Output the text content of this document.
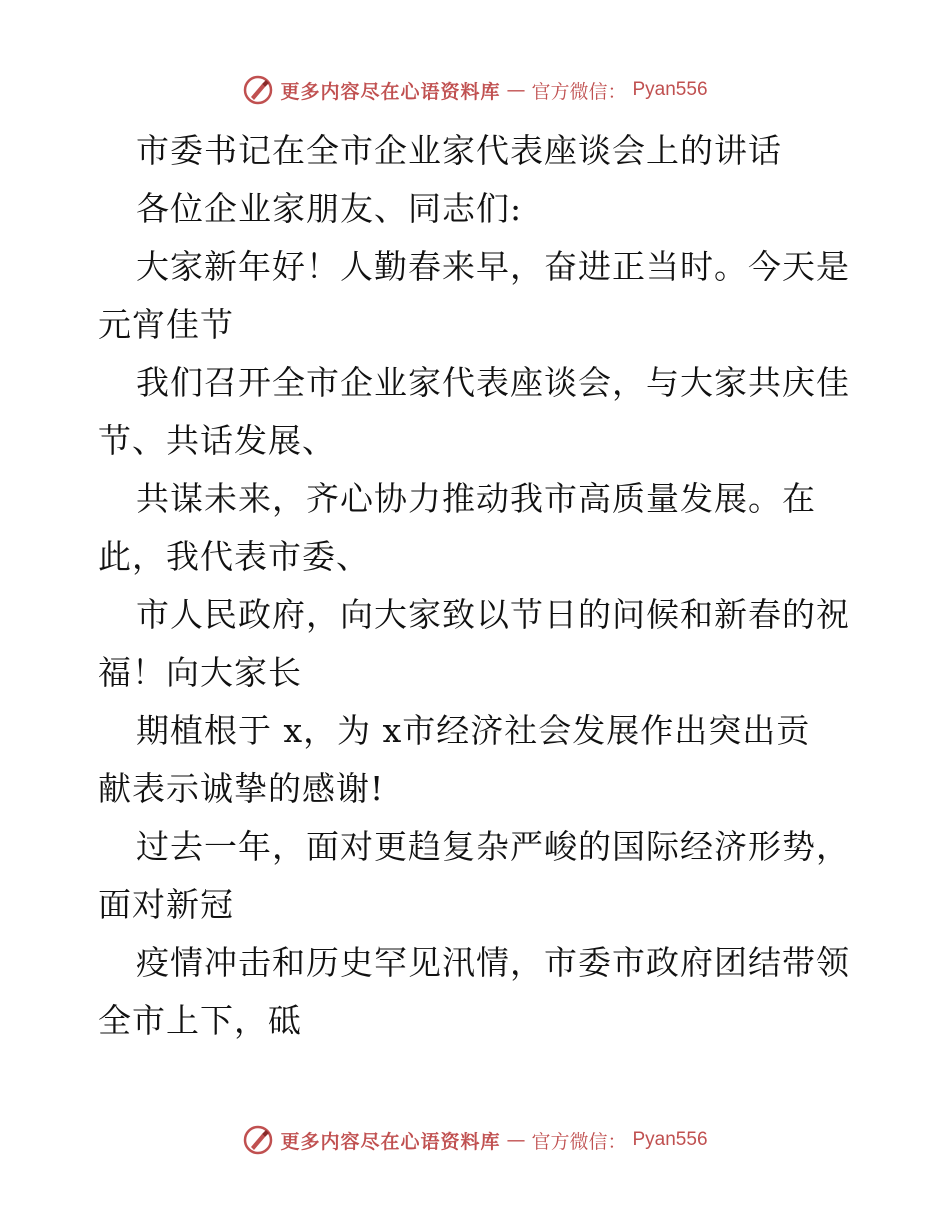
更多内容尽在心语资料库 — 官方微信： Pyan556
市委书记在全市企业家代表座谈会上的讲话
各位企业家朋友、同志们:
大家新年好！人勤春来早，奋进正当时。今天是
元宵佳节
我们召开全市企业家代表座谈会，与大家共庆佳
节、共话发展、
共谋未来，齐心协力推动我市高质量发展。在
此，我代表市委、
市人民政府，向大家致以节日的问候和新春的祝
福！向大家长
期植根于 x，为 x市经济社会发展作出突出贡
献表示诚挚的感谢!
过去一年，面对更趋复杂严峻的国际经济形势，
面对新冠
疫情冲击和历史罕见汛情，市委市政府团结带领
全市上下，砥
更多内容尽在心语资料库 — 官方微信： Pyan556
